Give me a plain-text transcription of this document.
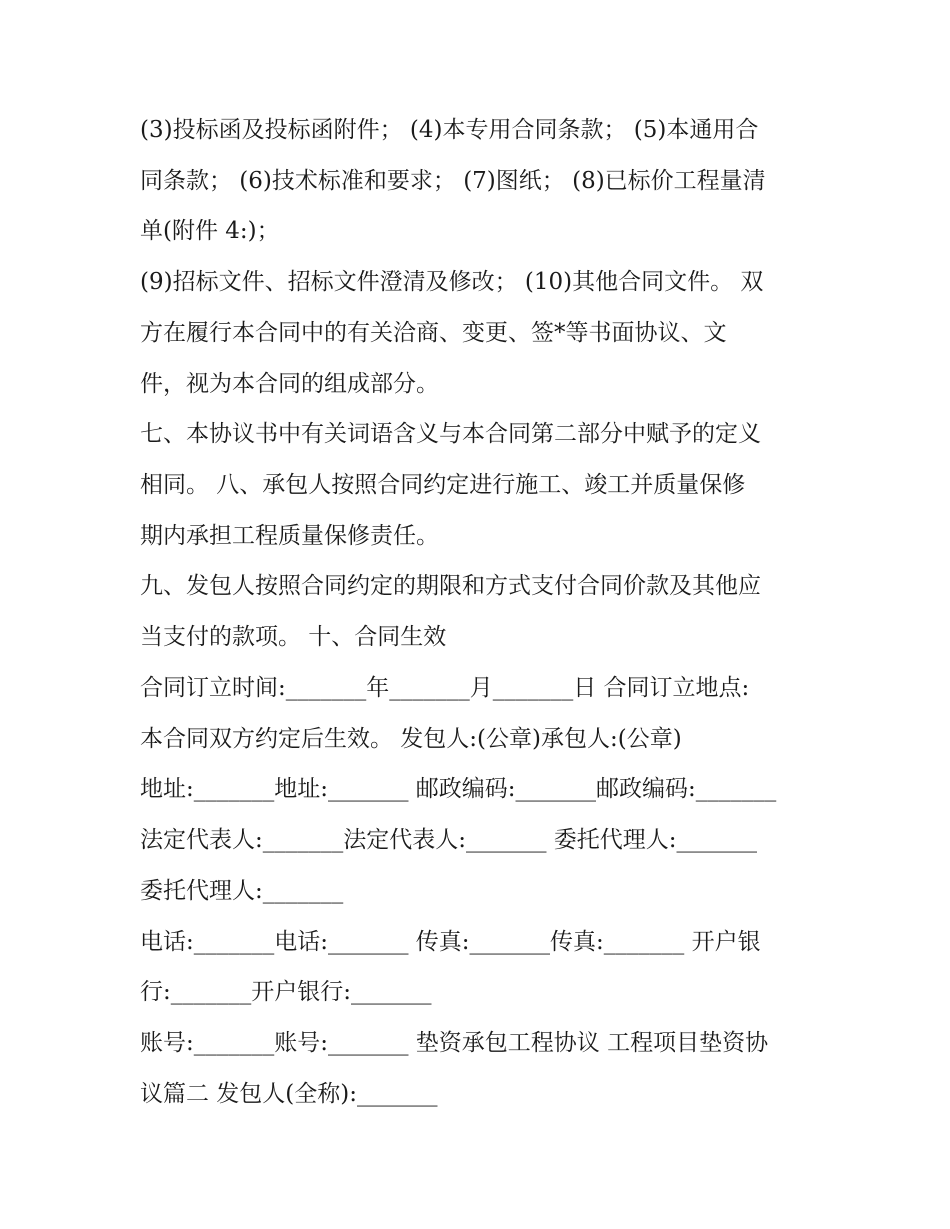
(3)投标函及投标函附件； (4)本专用合同条款； (5)本通用合
同条款； (6)技术标准和要求； (7)图纸； (8)已标价工程量清
单(附件 4:)；
(9)招标文件、招标文件澄清及修改； (10)其他合同文件。 双
方在履行本合同中的有关洽商、变更、签*等书面协议、文
件，视为本合同的组成部分。
七、本协议书中有关词语含义与本合同第二部分中赋予的定义
相同。 八、承包人按照合同约定进行施工、竣工并质量保修
期内承担工程质量保修责任。
九、发包人按照合同约定的期限和方式支付合同价款及其他应
当支付的款项。 十、合同生效
合同订立时间:_______年_______月_______日 合同订立地点:
本合同双方约定后生效。 发包人:(公章)承包人:(公章)
地址:_______地址:_______ 邮政编码:_______邮政编码:_______
法定代表人:_______法定代表人:_______ 委托代理人:_______
委托代理人:_______
电话:_______电话:_______ 传真:_______传真:_______ 开户银
行:_______开户银行:_______
账号:_______账号:_______ 垫资承包工程协议 工程项目垫资协
议篇二 发包人(全称):_______
